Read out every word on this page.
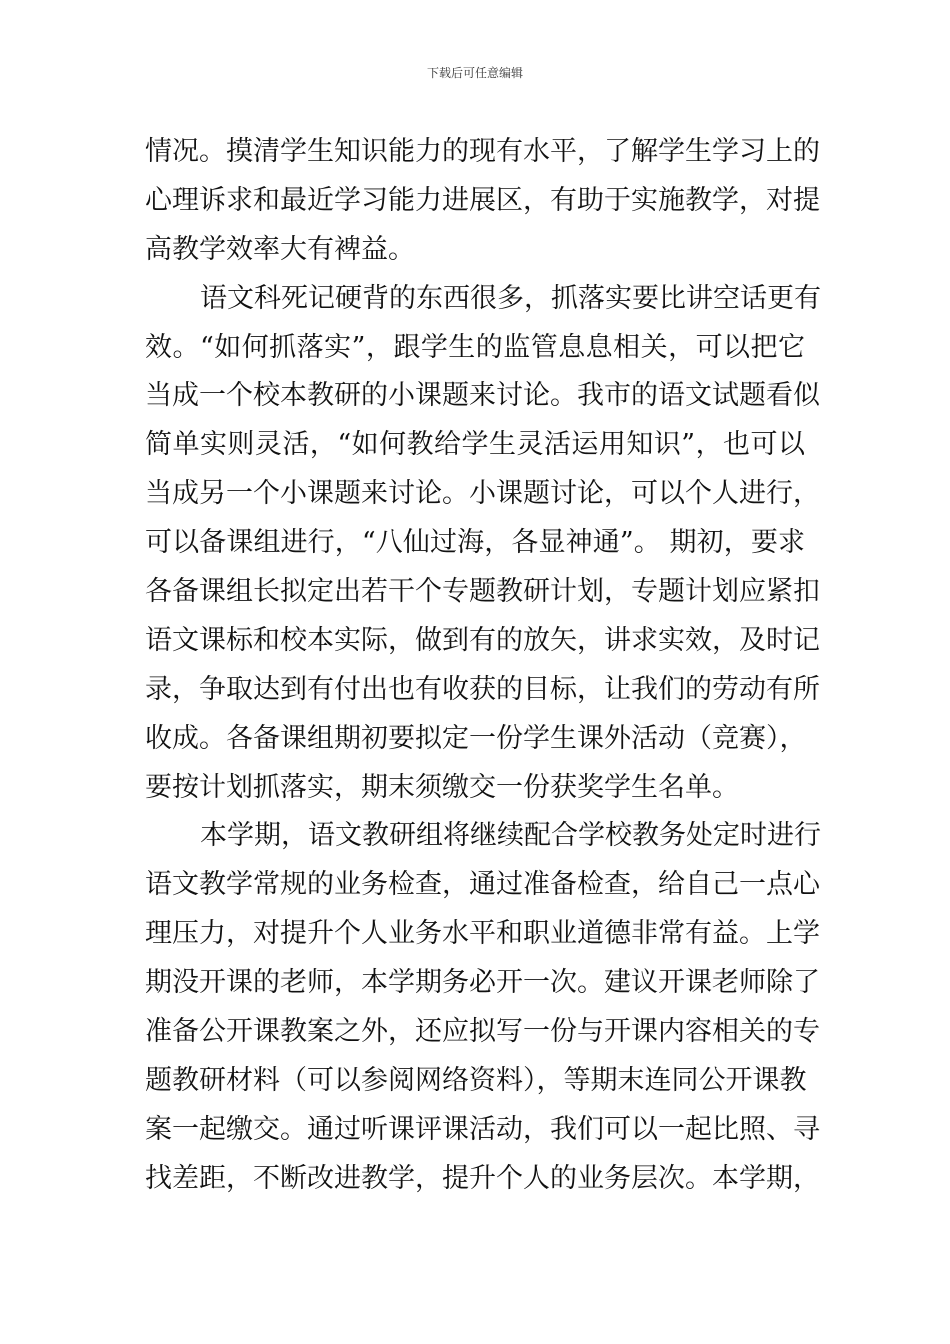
下载后可任意编辑
情况。摸清学生知识能力的现有水平，了解学生学习上的
心理诉求和最近学习能力进展区，有助于实施教学，对提
高教学效率大有裨益。
语文科死记硬背的东西很多，抓落实要比讲空话更有
效。“如何抓落实”，跟学生的监管息息相关，可以把它
当成一个校本教研的小课题来讨论。我市的语文试题看似
简单实则灵活，“如何教给学生灵活运用知识”，也可以
当成另一个小课题来讨论。小课题讨论，可以个人进行，
可以备课组进行，“八仙过海，各显神通”。 期初，要求
各备课组长拟定出若干个专题教研计划，专题计划应紧扣
语文课标和校本实际，做到有的放矢，讲求实效，及时记
录，争取达到有付出也有收获的目标，让我们的劳动有所
收成。各备课组期初要拟定一份学生课外活动（竞赛），
要按计划抓落实，期末须缴交一份获奖学生名单。
本学期，语文教研组将继续配合学校教务处定时进行
语文教学常规的业务检查，通过准备检查，给自己一点心
理压力，对提升个人业务水平和职业道德非常有益。上学
期没开课的老师，本学期务必开一次。建议开课老师除了
准备公开课教案之外，还应拟写一份与开课内容相关的专
题教研材料（可以参阅网络资料），等期末连同公开课教
案一起缴交。通过听课评课活动，我们可以一起比照、寻
找差距，不断改进教学，提升个人的业务层次。本学期，
